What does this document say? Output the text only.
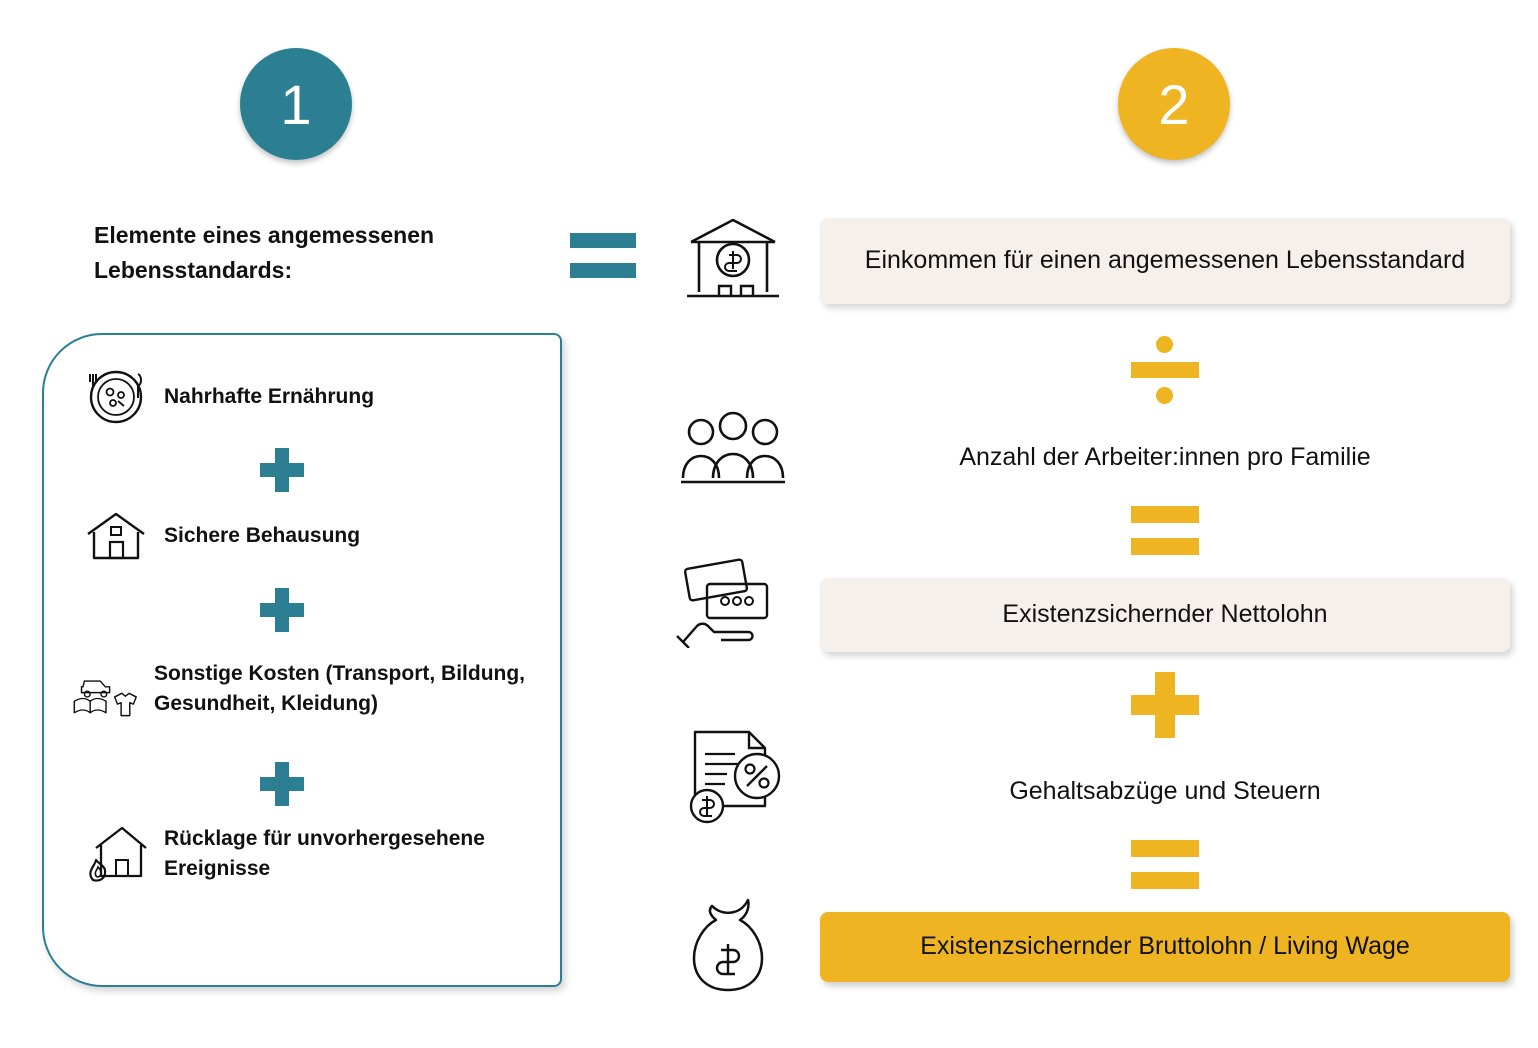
1	2
Elemente eines angemessenen Lebensstandards:
Nahrhafte Ernährung
Sichere Behausung
Sonstige Kosten (Transport, Bildung, Gesundheit, Kleidung)
Rücklage für unvorhergesehene Ereignisse
Einkommen für einen angemessenen Lebensstandard
Anzahl der Arbeiter:innen pro Familie
Existenzsichernder Nettolohn
Gehaltsabzüge und Steuern
Existenzsichernder Bruttolohn / Living Wage
